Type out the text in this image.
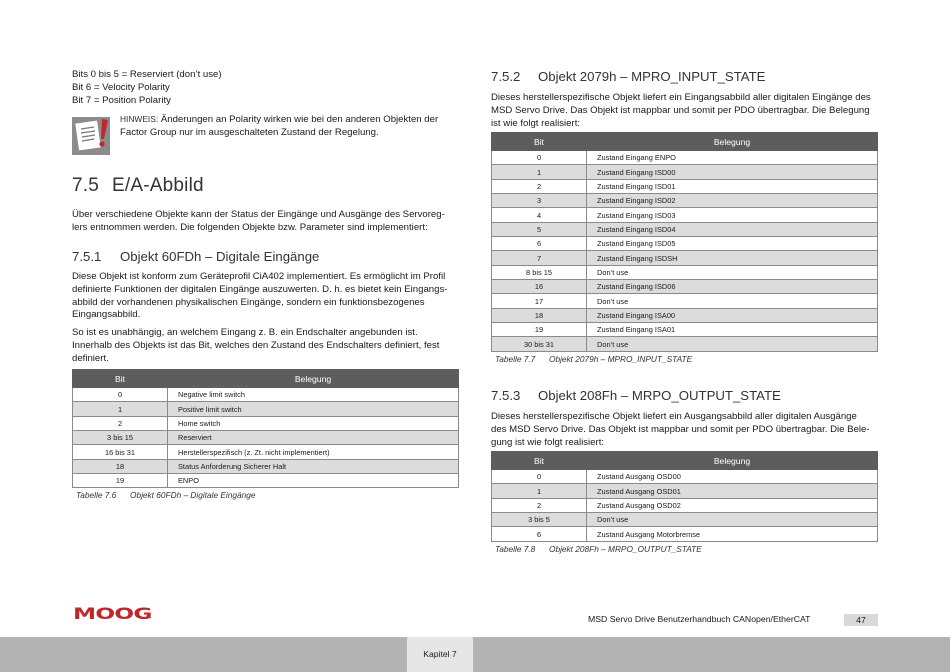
Bits 0 bis 5 = Reserviert (don’t use)

Bit 6 = Velocity Polarity

Bit 7 = Position Polarity

HINWEIS: Änderungen an Polarity wirken wie bei den anderen Objekten der
Factor Group nur im ausgeschalteten Zustand der Regelung.
7.5 E/A-Abbild

Über verschiedene Objekte kann der Status der Eingänge und Ausgänge des Servoreg-

lers entnommen werden. Die folgenden Objekte bzw. Parameter sind implementiert:

7.5.1 Objekt 60FDh – Digitale Eingänge

Diese Objekt ist konform zum Geräteprofil CiA402 implementiert. Es ermöglicht im Profil

definierte Funktionen der digitalen Eingänge auszuwerten. D. h. es bietet kein Eingangs-

abbild der vorhandenen physikalischen Eingänge, sondern ein funktionsbezogenes

Eingangsabbild.

So ist es unabhängig, an welchem Eingang z. B. ein Endschalter angebunden ist.

Innerhalb des Objekts ist das Bit, welches den Zustand des Endschalters definiert, fest

definiert.

Bit	Belegung
0	Negative limit switch
1	Positive limit switch
2	Home switch
3 bis 15	Reserviert
16 bis 31	Herstellerspezifisch (z. Zt. nicht implementiert)
18	Status Anforderung Sicherer Halt
19	ENPO
Tabelle 7.6 Objekt 60FDh – Digitale Eingänge
7.5.2 Objekt 2079h – MPRO_INPUT_STATE

Dieses herstellerspezifische Objekt liefert ein Eingangsabbild aller digitalen Eingänge des

MSD Servo Drive. Das Objekt ist mappbar und somit per PDO übertragbar. Die Belegung

ist wie folgt realisiert:

Bit	Belegung
0	Zustand Eingang ENPO
1	Zustand Eingang ISD00
2	Zustand Eingang ISD01
3	Zustand Eingang ISD02
4	Zustand Eingang ISD03
5	Zustand Eingang ISD04
6	Zustand Eingang ISD05
7	Zustand Eingang ISDSH
8 bis 15	Don’t use
16	Zustand Eingang ISD06
17	Don’t use
18	Zustand Eingang ISA00
19	Zustand Eingang ISA01
30 bis 31	Don’t use
Tabelle 7.7 Objekt 2079h – MPRO_INPUT_STATE
7.5.3 Objekt 208Fh – MRPO_OUTPUT_STATE

Dieses herstellerspezifische Objekt liefert ein Ausgangsabbild aller digitalen Ausgänge

des MSD Servo Drive. Das Objekt ist mappbar und somit per PDO übertragbar. Die Bele-

gung ist wie folgt realisiert:

Bit	Belegung
0	Zustand Ausgang OSD00
1	Zustand Ausgang OSD01
2	Zustand Ausgang OSD02
3 bis 5	Don’t use
6	Zustand Ausgang Motorbremse
Tabelle 7.8 Objekt 208Fh – MRPO_OUTPUT_STATE
MOOG	MSD Servo Drive Benutzerhandbuch CANopen/EtherCAT	47
Kapitel 7
